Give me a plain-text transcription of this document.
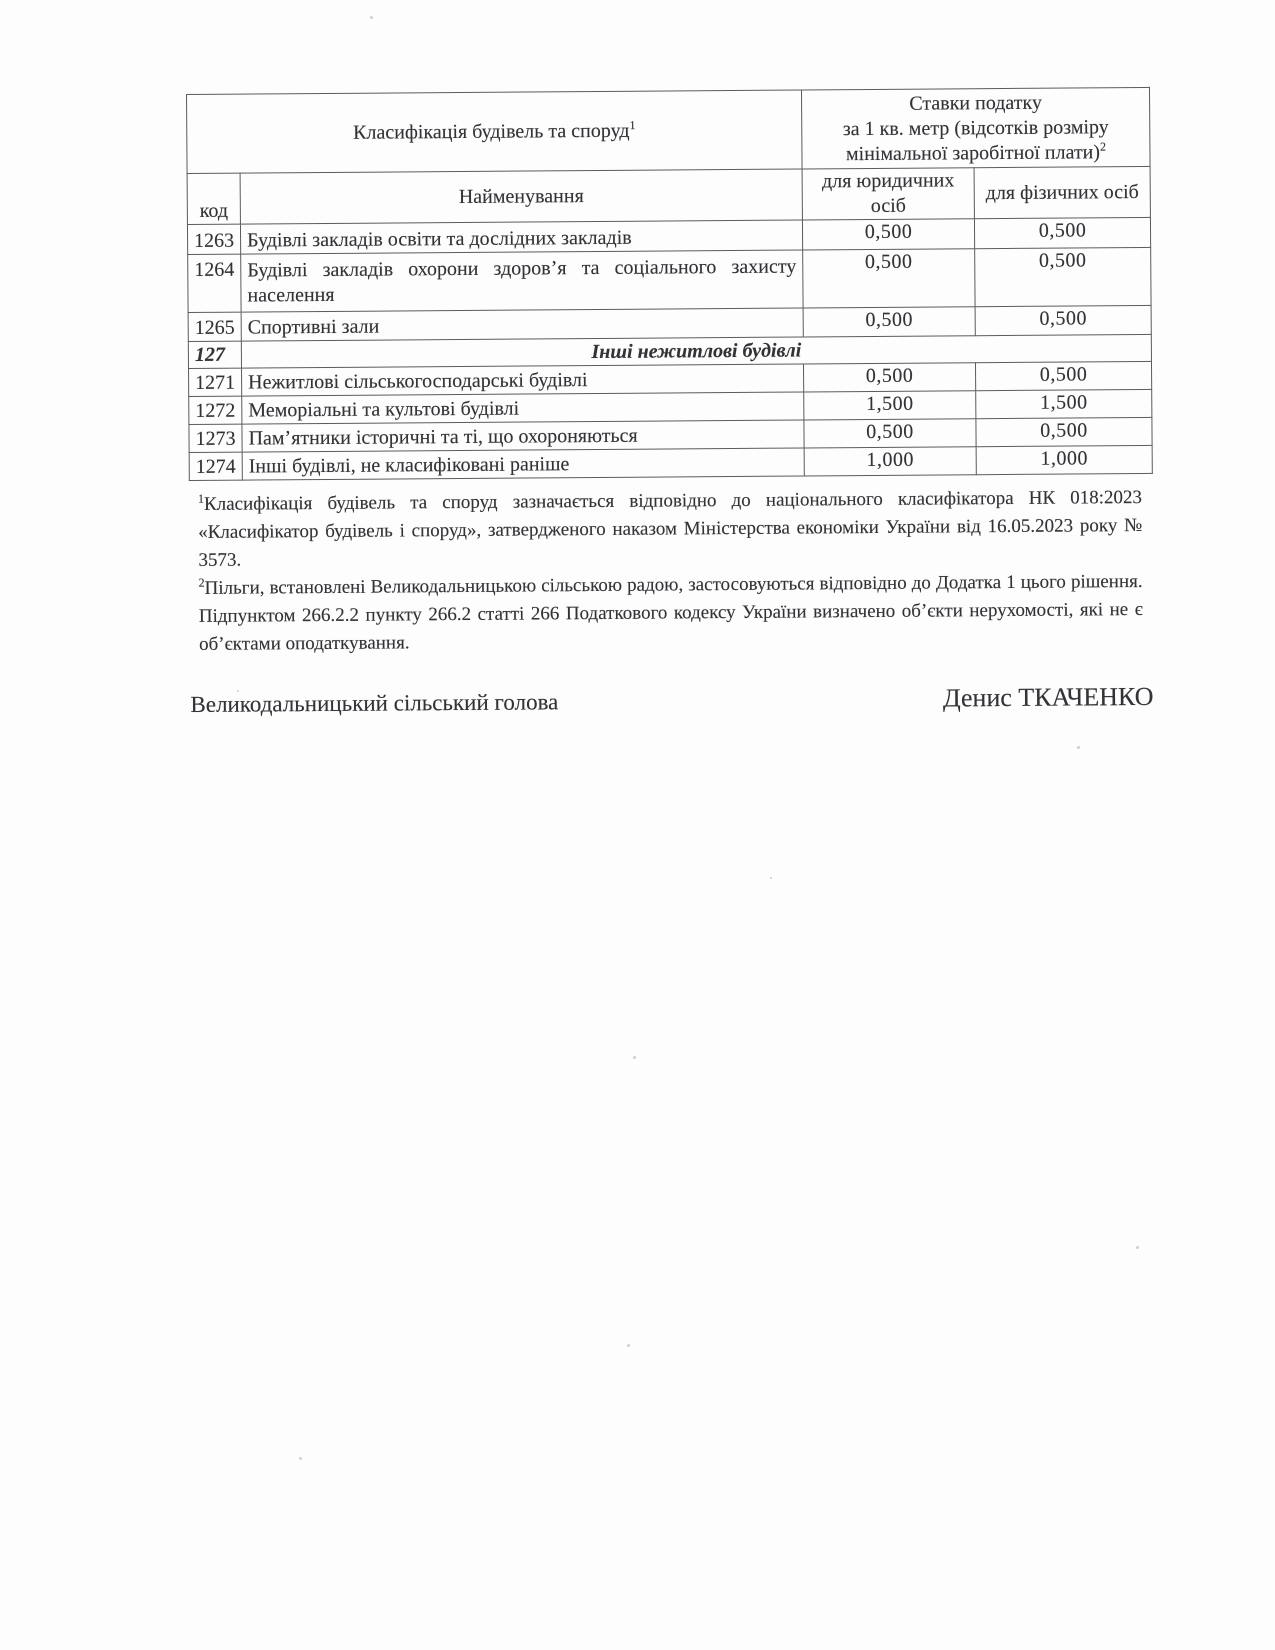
Класифікація будівель та споруд$^1$		Ставки податку
за 1 кв. метр (відсотків розміру
мінімальної заробітної плати)$^2$

код	Найменування	для юридичних осіб	для фізичних осіб
1263	Будівлі закладів освіти та дослідних закладів	0,500	0,500
1264	Будівлі закладів охорони здоров’я та соціального захисту населення	0,500	0,500
1265	Спортивні зали	0,500	0,500
127	Інші нежитлові будівлі		
1271	Нежитлові сільськогосподарські будівлі	0,500	0,500
1272	Меморіальні та культові будівлі	1,500	1,500
1273	Пам’ятники історичні та ті, що охороняються	0,500	0,500
1274	Інші будівлі, не класифіковані раніше	1,000	1,000

$^1$Класифікація будівель та споруд зазначається відповідно до національного класифікатора НК 018:2023 «Класифікатор будівель і споруд», затвердженого наказом Міністерства економіки України від 16.05.2023 року № 3573.

$^2$Пільги, встановлені Великодальницькою сільською радою, застосовуються відповідно до Додатка 1 цього рішення. Підпунктом 266.2.2 пункту 266.2 статті 266 Податкового кодексу України визначено об’єкти нерухомості, які не є об’єктами оподаткування.

Великодальницький сільський голова	Денис ТКАЧЕНКО
